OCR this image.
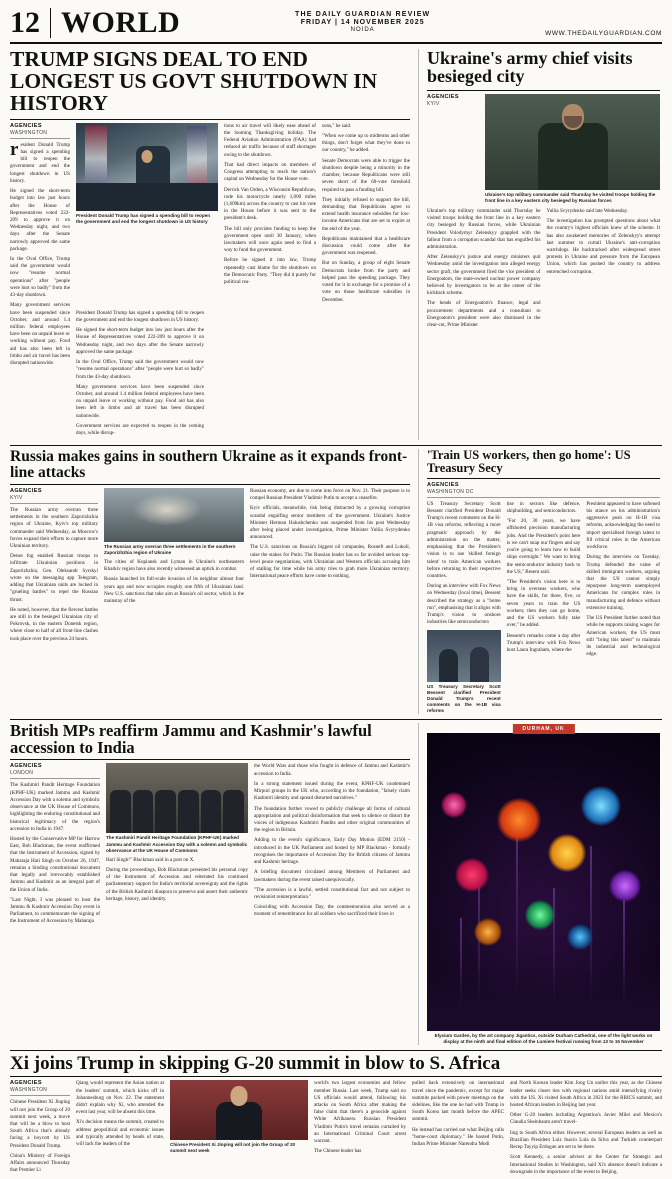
12 WORLD	THE DAILY GUARDIAN REVIEW
FRIDAY | 14 NOVEMBER 2025
NOIDA	WWW.THEDAILYGUARDIAN.COM
TRUMP SIGNS DEAL TO END LONGEST US GOVT SHUTDOWN IN HISTORY
AGENCIES
WASHINGTON

resident Donald Trump has signed a spending bill to reopen the government and end the longest shutdown in US history.

He signed the short-term budget into law just hours after the House of Representatives voted 222-209 to approve it on Wednesday night, and two days after the Senate narrowly approved the same package.

In the Oval Office, Trump said the government would now "resume normal operations" after "people were hurt so badly" from the 43-day shutdown.

Many government services have been suspended since October, and around 1.4 million federal employees have been on unpaid leave or working without pay. Food aid has also been left in limbo and air travel has been disrupted nationwide.

President Donald Trump has signed a spending bill to reopen the government and end the longest shutdown in US history

tions to air travel will likely ease ahead of the looming Thanksgiving holiday. The Federal Aviation Administration (FAA) had reduced air traffic because of staff shortages owing to the shutdown.

That had direct impacts on members of Congress attempting to reach the nation's capital on Wednesday for the House vote.

Derrick Van Orden, a Wisconsin Republican, rode his motorcycle nearly 1,000 miles (1,609km) across the country to cast his vote in the House before it was sent to the president's desk.

The bill only provides funding to keep the government open until 30 January, when lawmakers will once again need to find a way to fund the government.

Before he signed it into law, Trump repeatedly cast blame for the shutdown on the Democratic Party. "They did it purely for political rea-

sons," he said.

"When we come up to midterms and other things, don't forget what they've done to our country," he added.

Senate Democrats were able to trigger the shutdown despite being a minority in the chamber, because Republicans were still seven short of the 60-vote threshold required to pass a funding bill.

They initially refused to support the bill, demanding that Republicans agree to extend health insurance subsidies for low-income Americans that are set to expire at the end of the year.

Republicans maintained that a healthcare discussion could come after the government was reopened.

But on Sunday, a group of eight Senate Democrats broke from the party and helped pass the spending package. They voted for it in exchange for a promise of a vote on those healthcare subsidies in December.

President Donald Trump has signed a spending bill to reopen the government and end the longest shutdown in US history.

He signed the short-term budget into law just hours after the House of Representatives voted 222-209 to approve it on Wednesday night, and two days after the Senate narrowly approved the same package.

In the Oval Office, Trump said the government would now "resume normal operations" after "people were hurt so badly" from the 43-day shutdown.

Many government services have been suspended since October, and around 1.4 million federal employees have been on unpaid leave or working without pay. Food aid has also been left in limbo and air travel has been disrupted nationwide.

Government services are expected to reopen in the coming days, while disrup-

Ukraine's army chief visits besieged city
AGENCIES
KYIV
Ukraine's top military commander said Thursday he visited troops holding the front line in a key eastern city besieged by Russian forces

Ukraine's top military commander said Thursday he visited troops holding the front line in a key eastern city besieged by Russian forces, while Ukrainian President Volodymyr Zelenskyy grappled with the fallout from a corruption scandal that has engulfed his administration.

After Zelenskyy's justice and energy ministers quit Wednesday amid the investigation into alleged energy sector graft, the government fired the vice president of Energoatom, the state-owned nuclear power company believed by investigators to be at the center of the kickback scheme.

The heads of Energoatom's finance, legal and procurement departments and a consultant to Energoatom's president were also dismissed in the clear-cut, Prime Minister

Yuliia Svyrydenko said late Wednesday.

The investigation has prompted questions about what the country's highest officials knew of the scheme. It has also awakened memories of Zelenskyy's attempt last summer to curtail Ukraine's anti-corruption watchdogs. He backtracked after widespread street protests in Ukraine and pressure from the European Union, which has pushed the country to address entrenched corruption.

Russia makes gains in southern Ukraine as it expands front-line attacks
AGENCIES
KYIV

The Russian army overran three settlements in the southern Zaporizhzhia region of Ukraine, Kyiv's top military commander said Wednesday, as Moscow's forces expand their efforts to capture more Ukrainian territory.

Dense fog enabled Russian troops to infiltrate Ukrainian positions in Zaporizhzhia, Gen. Oleksandr Syrskyi wrote on the messaging app Telegram, adding that Ukrainian units are locked in "grueling battles" to repel the Russian thrust.

He noted, however, that the fiercest battles are still in the besieged Ukrainian city of Pokrovsk, in the eastern Donetsk region, where close to half of all front-line clashes took place over the previous 24 hours.

The Russian army overran three settlements in the southern Zaporizhzhia region of Ukraine

The cities of Kupiansk and Lyman in Ukraine's northeastern Kharkiv region have also recently witnessed an uptick in combat.

Russia launched its full-scale invasion of its neighbor almost four years ago and now occupies roughly one fifth of Ukrainian land. New U.S. sanctions that take aim at Russia's oil sector, which is the mainstay of the

Russian economy, are due to come into force on Nov. 21. Their purpose is to compel Russian President Vladimir Putin to accept a ceasefire.

Kyiv officials, meanwhile, risk being distracted by a growing corruption scandal engulfing senior members of the government. Ukraine's Justice Minister Herman Halushchenko was suspended from his post Wednesday after being placed under investigation, Prime Minister Yuliia Svyrydenko announced.

The U.S. sanctions on Russia's biggest oil companies, Rosneft and Lukoil, raise the stakes for Putin. The Russian leader has so far avoided serious top-level peace negotiations, with Ukrainian and Western officials accusing him of stalling for time while his army tries to grab more Ukrainian territory. International peace efforts have come to nothing.

'Train US workers, then go home': US Treasury Secy
AGENCIES
WASHINGTON DC

US Treasury Secretary Scott Bessent clarified President Donald Trump's recent comments on the H-1B visa reforms, reflecting a more pragmatic approach by the administration on the matter, emphasising that the President's vision is to use 'skilled foreign talent' to train American workers before returning to their respective countries.

During an interview with Fox News on Wednesday (local time), Bessent described the strategy as a "home run", emphasising that it aligns with Trump's vision to onshore industries like semiconductors

US Treasury Secretary Scott Bessent clarified President Donald Trump's recent comments on the H-1B visa reforms

tise in sectors like defence, shipbuilding, and semiconductors.

"For 20, 30 years, we have offshored precision manufacturing jobs. And the President's point here is we can't snap our fingers and say you're going to learn how to build ships overnight." We want to bring the semiconductor industry back to the US," Besent said.

"The President's vision here is to bring in overseas workers, who have the skills, for three, five, or seven years to train the US workers; then they can go home, and the US workers fully take over," he added.

Bessent's remarks come a day after Trump's interview with Fox News host Laura Ingraham, where the

President appeared to have softened his stance on his administration's aggressive push on H-1B visa reforms, acknowledging the need to import specialised foreign talent to fill critical roles in the American workforce.

During the interview on Tuesday, Trump defended the value of skilled immigrant workers, arguing that the US cannot simply repurpose long-term unemployed Americans for complex roles in manufacturing and defence without extensive training.

The US President further noted that while he supports raising wages for American workers, the US must still "bring this talent" to maintain its industrial and technological edge.

British MPs reaffirm Jammu and Kashmir's lawful accession to India
AGENCIES
LONDON

The Kashmiri Pandit Heritage Foundation (KPHF-UK) marked Jammu and Kashmir Accession Day with a solemn and symbolic observance at the UK House of Commons, highlighting the enduring constitutional and historical legitimacy of the region's accession to India in 1947.

Hosted by the Conservative MP for Harrow East, Bob Blackman, the event reaffirmed that the Instrument of Accession, signed by Maharaja Hari Singh on October 26, 1947, remains a binding constitutional document that legally and irrevocably established Jammu and Kashmir as an integral part of the Union of India.

"Last Night, I was pleased to host the Jammu & Kashmir Accession Day event in Parliament, to commemorate the signing of the Instrument of Accession by Maharaja

The Kashmiri Pandit Heritage Foundation (KPHF-UK) marked Jammu and Kashmir Accession Day with a solemn and symbolic observance at the UK House of Commons

Hari Singh!" Blackman said in a post on X.

During the proceedings, Bob Blackman presented his personal copy of the Instrument of Accession and reiterated his continued parliamentary support for India's territorial sovereignty and the rights of the British Kashmiri diaspora to preserve and assert their authentic heritage, history, and identity.

the World Wars and those who fought in defence of Jammu and Kashmir's accession to India.

In a strong statement issued during the event, KPHF-UK condemned Mirpuri groups in the UK who, according to the foundation, "falsely claim Kashmiri identity and spread distorted narratives."

The foundation further vowed to publicly challenge all forms of cultural appropriation and political disinformation that seek to silence or distort the voices of indigenous Kashmiri Pandits and other original communities of the region in Britain.

Adding to the event's significance, Early Day Motion (EDM 2150) - introduced in the UK Parliament and hosted by MP Blackman - formally recognises the importance of Accession Day for British citizens of Jammu and Kashmir heritage.

A briefing document circulated among Members of Parliament and lawmakers during the event raised unequivocally.

"The accession is a lawful, settled constitutional fact and not subject to revisionist reinterpretation."

Coinciding with Accession Day, the commemoration also served as a moment of remembrance for all soldiers who sacrificed their lives in

DURHAM, UK
Elysium Garden, by the art company Jigantics, outside Durham Cathedral, one of the light works on display at the ninth and final edition of the Lumiere festival running from 13 to 15 November
Xi joins Trump in skipping G-20 summit in blow to S. Africa
AGENCIES
WASHINGTON

Chinese President Xi Jinping will not join the Group of 20 summit next week, a move that will be a blow to host South Africa that's already facing a boycott by US President Donald Trump.

China's Ministry of Foreign Affairs announced Thursday that Premier Li

Qiang would represent the Asian nation at the leaders' summit, which kicks off in Johannesburg on Nov. 22. The statement didn't explain why Xi, who attended the event last year, will be absent this time.

Xi's decision means the summit, created to address geopolitical and economic issues and typically attended by heads of state, will lack the leaders of the	Chinese President Xi Jinping will not join the Group of 20 summit next week

world's two largest economies and fellow member Russia. Last week, Trump said no US officials would attend, following his attacks on South Africa after making the false claim that there's a genocide against White Afrikaners. Russian President Vladimir Putin's travel remains curtailed by an International Criminal Court arrest warrant.

The Chinese leader has

pulled back extensively on international travel since the pandemic, except for major summits packed with power meetings on the sidelines, like the one he had with Trump in South Korea last month before the APEC summit.

He instead has carried out what Beijing calls "home-court diplomacy." He hosted Putin, Indian Prime Minister Narendra Modi

and North Korean leader Kim Jong Un earlier this year, as the Chinese leader seeks closer ties with regional nations amid intensifying rivalry with the US. Xi visited South Africa in 2023 for the BRICS summit, and hosted African leaders in Beijing last year.

Other G-20 leaders including Argentina's Javier Milei and Mexico's Claudia Sheinbaum aren't travel-

ling to South Africa either. However, several European leaders as well as Brazilian President Luiz Inacio Lula da Silva and Turkish counterpart Recep Tayyip Erdogan are set to be there.

Scott Kennedy, a senior adviser at the Center for Strategic and International Studies in Washington, said Xi's absence doesn't indicate a downgrade in the importance of the event to Beijing.
